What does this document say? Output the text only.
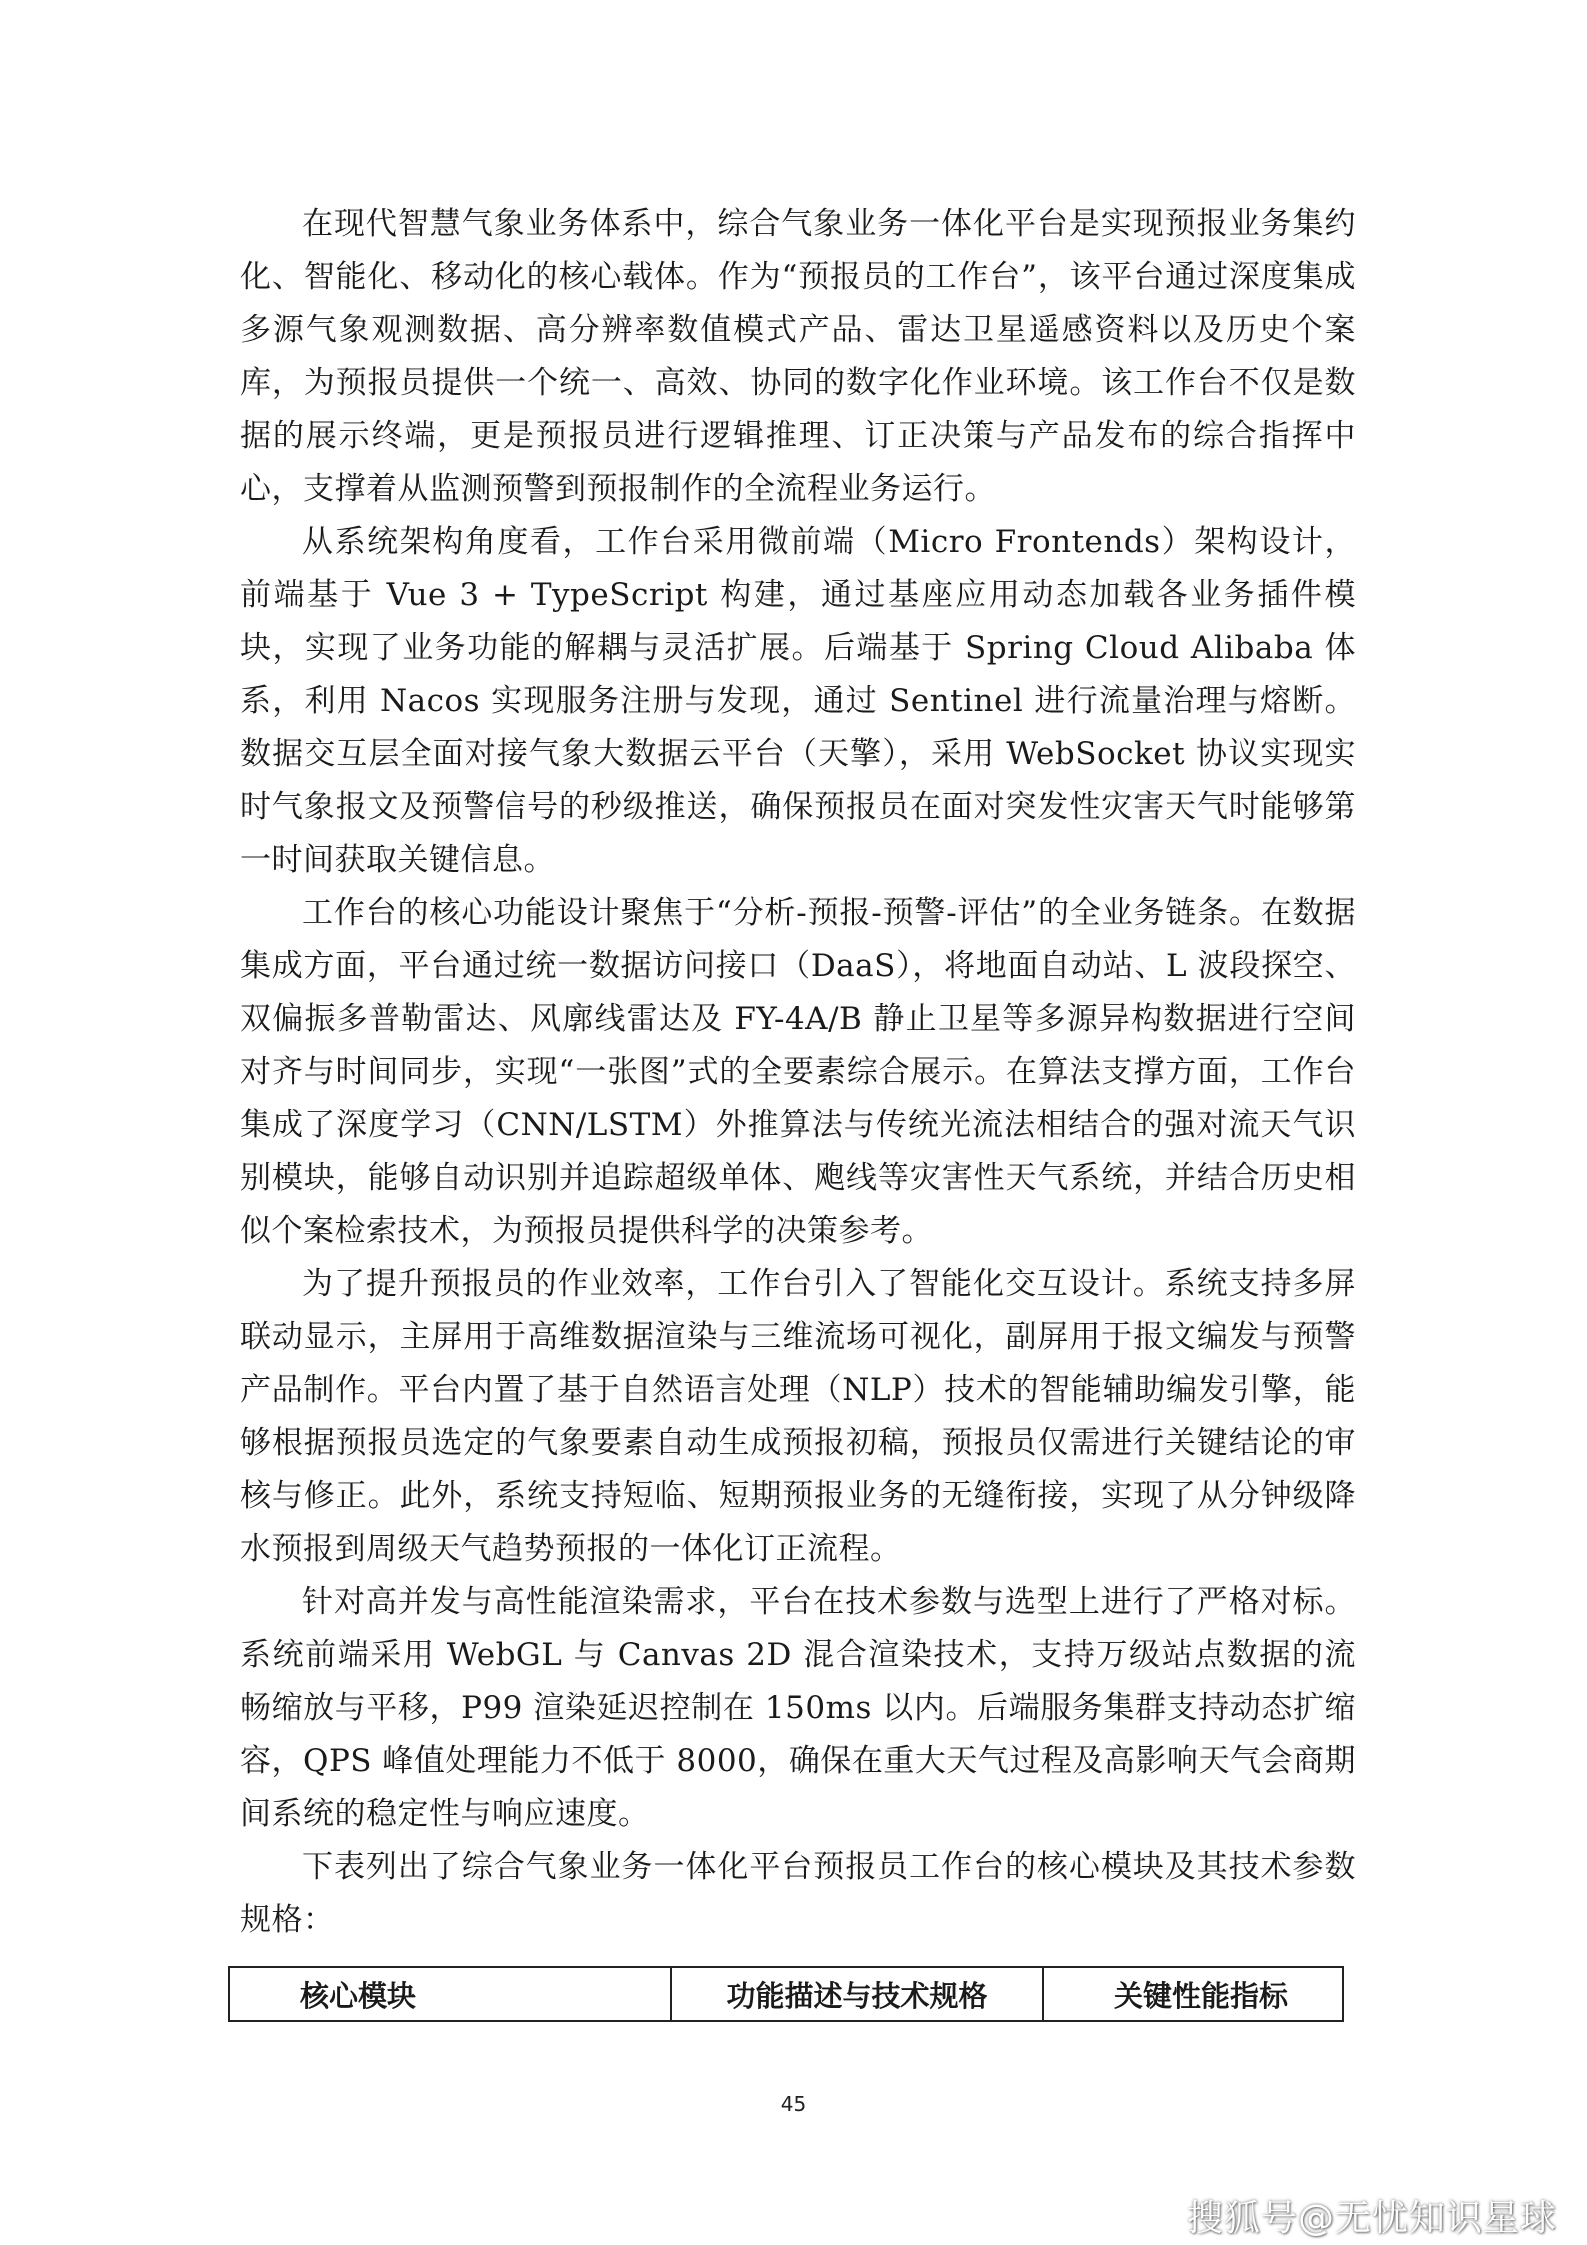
在现代智慧气象业务体系中，综合气象业务一体化平台是实现预报业务集约化、智能化、移动化的核心载体。作为“预报员的工作台”，该平台通过深度集成多源气象观测数据、高分辨率数值模式产品、雷达卫星遥感资料以及历史个案库，为预报员提供一个统一、高效、协同的数字化作业环境。该工作台不仅是数据的展示终端，更是预报员进行逻辑推理、订正决策与产品发布的综合指挥中心，支撑着从监测预警到预报制作的全流程业务运行。

从系统架构角度看，工作台采用微前端（Micro Frontends）架构设计，前端基于 Vue 3 + TypeScript 构建，通过基座应用动态加载各业务插件模块，实现了业务功能的解耦与灵活扩展。后端基于 Spring Cloud Alibaba 体系，利用 Nacos 实现服务注册与发现，通过 Sentinel 进行流量治理与熔断。数据交互层全面对接气象大数据云平台（天擎），采用 WebSocket 协议实现实时气象报文及预警信号的秒级推送，确保预报员在面对突发性灾害天气时能够第一时间获取关键信息。

工作台的核心功能设计聚焦于“分析-预报-预警-评估”的全业务链条。在数据集成方面，平台通过统一数据访问接口（DaaS），将地面自动站、L 波段探空、双偏振多普勒雷达、风廓线雷达及 FY-4A/B 静止卫星等多源异构数据进行空间对齐与时间同步，实现“一张图”式的全要素综合展示。在算法支撑方面，工作台集成了深度学习（CNN/LSTM）外推算法与传统光流法相结合的强对流天气识别模块，能够自动识别并追踪超级单体、飑线等灾害性天气系统，并结合历史相似个案检索技术，为预报员提供科学的决策参考。

为了提升预报员的作业效率，工作台引入了智能化交互设计。系统支持多屏联动显示，主屏用于高维数据渲染与三维流场可视化，副屏用于报文编发与预警产品制作。平台内置了基于自然语言处理（NLP）技术的智能辅助编发引擎，能够根据预报员选定的气象要素自动生成预报初稿，预报员仅需进行关键结论的审核与修正。此外，系统支持短临、短期预报业务的无缝衔接，实现了从分钟级降水预报到周级天气趋势预报的一体化订正流程。

针对高并发与高性能渲染需求，平台在技术参数与选型上进行了严格对标。系统前端采用 WebGL 与 Canvas 2D 混合渲染技术，支持万级站点数据的流畅缩放与平移，P99 渲染延迟控制在 150ms 以内。后端服务集群支持动态扩缩容，QPS 峰值处理能力不低于 8000，确保在重大天气过程及高影响天气会商期间系统的稳定性与响应速度。

下表列出了综合气象业务一体化平台预报员工作台的核心模块及其技术参数规格：

核心模块	功能描述与技术规格	关键性能指标
45
搜狐号@无忧知识星球
